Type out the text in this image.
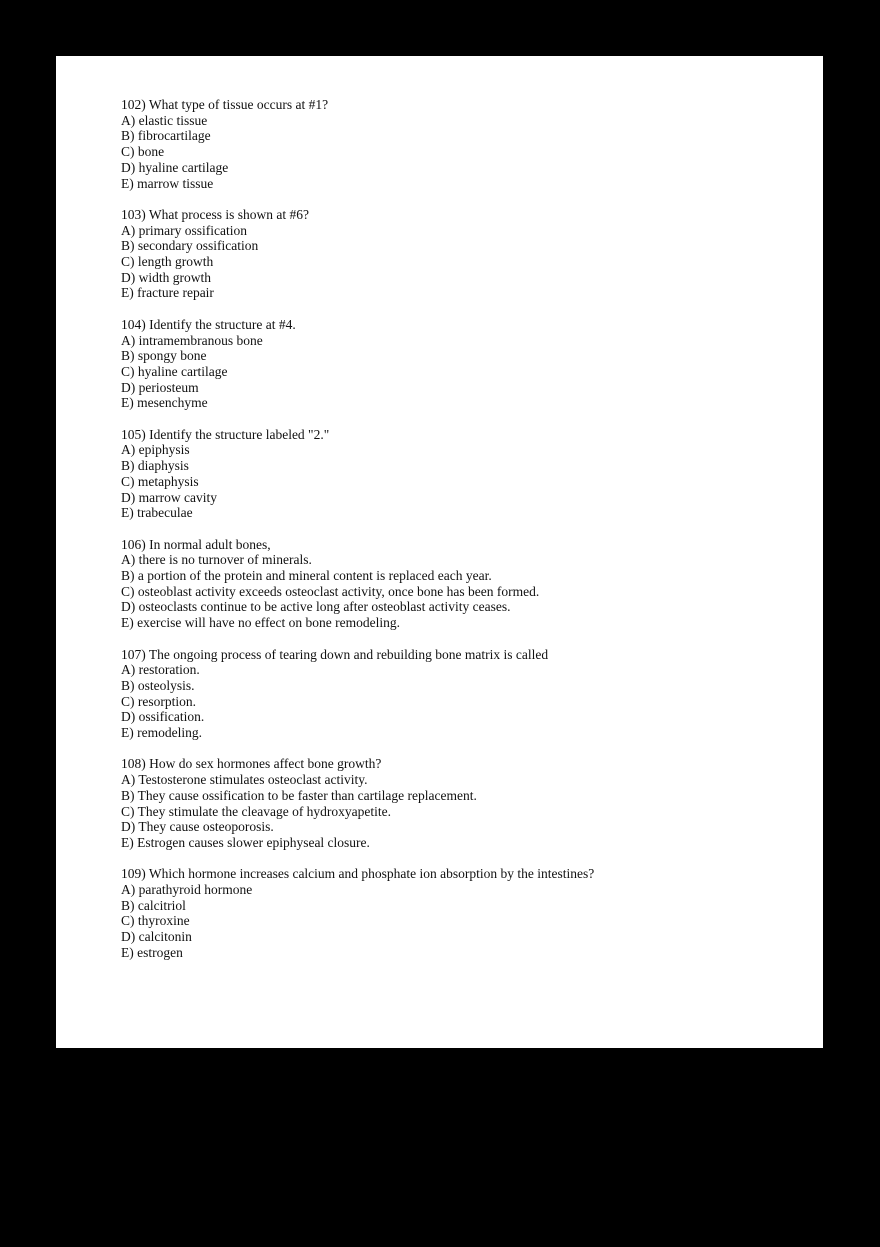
102) What type of tissue occurs at #1?
A) elastic tissue
B) fibrocartilage
C) bone
D) hyaline cartilage
E) marrow tissue
103) What process is shown at #6?
A) primary ossification
B) secondary ossification
C) length growth
D) width growth
E) fracture repair
104) Identify the structure at #4.
A) intramembranous bone
B) spongy bone
C) hyaline cartilage
D) periosteum
E) mesenchyme
105) Identify the structure labeled "2."
A) epiphysis
B) diaphysis
C) metaphysis
D) marrow cavity
E) trabeculae
106) In normal adult bones,
A) there is no turnover of minerals.
B) a portion of the protein and mineral content is replaced each year.
C) osteoblast activity exceeds osteoclast activity, once bone has been formed.
D) osteoclasts continue to be active long after osteoblast activity ceases.
E) exercise will have no effect on bone remodeling.
107) The ongoing process of tearing down and rebuilding bone matrix is called
A) restoration.
B) osteolysis.
C) resorption.
D) ossification.
E) remodeling.
108) How do sex hormones affect bone growth?
A) Testosterone stimulates osteoclast activity.
B) They cause ossification to be faster than cartilage replacement.
C) They stimulate the cleavage of hydroxyapetite.
D) They cause osteoporosis.
E) Estrogen causes slower epiphyseal closure.
109) Which hormone increases calcium and phosphate ion absorption by the intestines?
A) parathyroid hormone
B) calcitriol
C) thyroxine
D) calcitonin
E) estrogen
